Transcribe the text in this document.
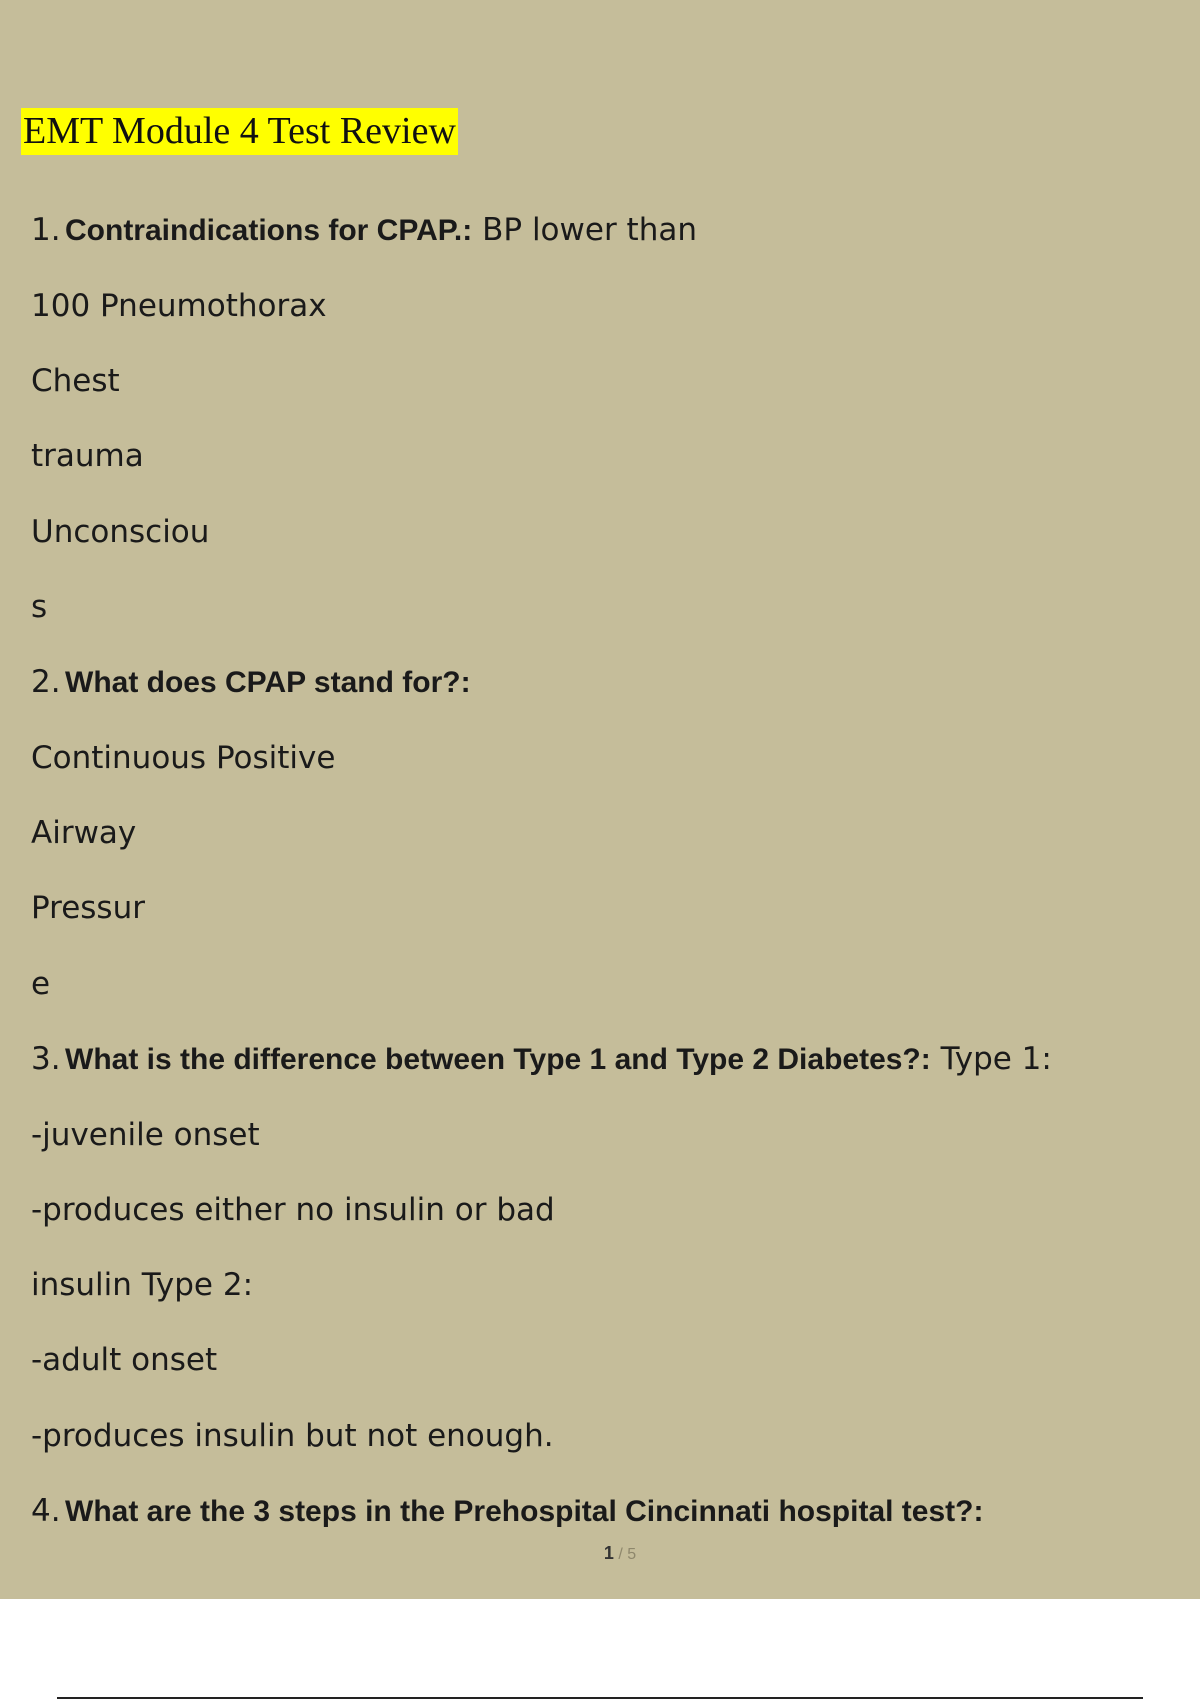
EMT Module 4 Test Review
1. Contraindications for CPAP.: BP lower than
100 Pneumothorax
Chest
trauma
Unconsciou
s
2. What does CPAP stand for?:
Continuous Positive
Airway
Pressur
e
3. What is the difference between Type 1 and Type 2 Diabetes?: Type 1:
-juvenile onset
-produces either no insulin or bad
insulin Type 2:
-adult onset
-produces insulin but not enough.
4. What are the 3 steps in the Prehospital Cincinnati hospital test?:
1 / 5
